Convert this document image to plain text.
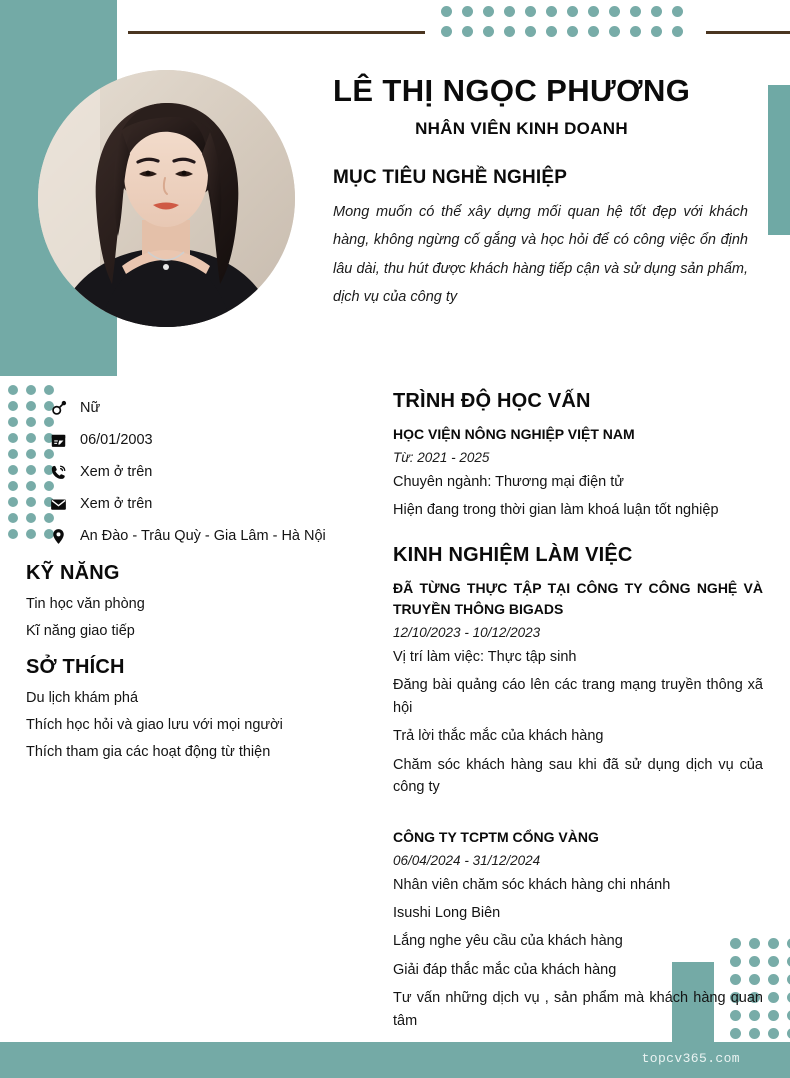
topcv365.com
LÊ THỊ NGỌC PHƯƠNG
NHÂN VIÊN KINH DOANH
MỤC TIÊU NGHỀ NGHIỆP

Mong muốn có thể xây dựng mối quan hệ tốt đẹp với khách hàng, không ngừng cố gắng và học hỏi để có công việc ổn định lâu dài, thu hút được khách hàng tiếp cận và sử dụng sản phẩm, dịch vụ của công ty

Nữ
06/01/2003
Xem ở trên
Xem ở trên
An Đào - Trâu Quỳ - Gia Lâm - Hà Nội
KỸ NĂNG
Tin học văn phòng
Kĩ năng giao tiếp
SỞ THÍCH
Du lịch khám phá
Thích học hỏi và giao lưu với mọi người
Thích tham gia các hoạt động từ thiện
TRÌNH ĐỘ HỌC VẤN
HỌC VIỆN NÔNG NGHIỆP VIỆT NAM
Từ: 2021 - 2025
Chuyên ngành: Thương mại điện tử
Hiện đang trong thời gian làm khoá luận tốt nghiệp
KINH NGHIỆM LÀM VIỆC
ĐÃ TỪNG THỰC TẬP TẠI CÔNG TY CÔNG NGHỆ VÀ TRUYỀN THÔNG BIGADS
12/10/2023 - 10/12/2023
Vị trí làm việc: Thực tập sinh
Đăng bài quảng cáo lên các trang mạng truyền thông xã hội
Trả lời thắc mắc của khách hàng
Chăm sóc khách hàng sau khi đã sử dụng dịch vụ của công ty
CÔNG TY TCPTM CỔNG VÀNG
06/04/2024 - 31/12/2024
Nhân viên chăm sóc khách hàng chi nhánh
Isushi Long Biên
Lắng nghe yêu cầu của khách hàng
Giải đáp thắc mắc của khách hàng
Tư vấn những dịch vụ , sản phẩm mà khách hàng quan tâm
